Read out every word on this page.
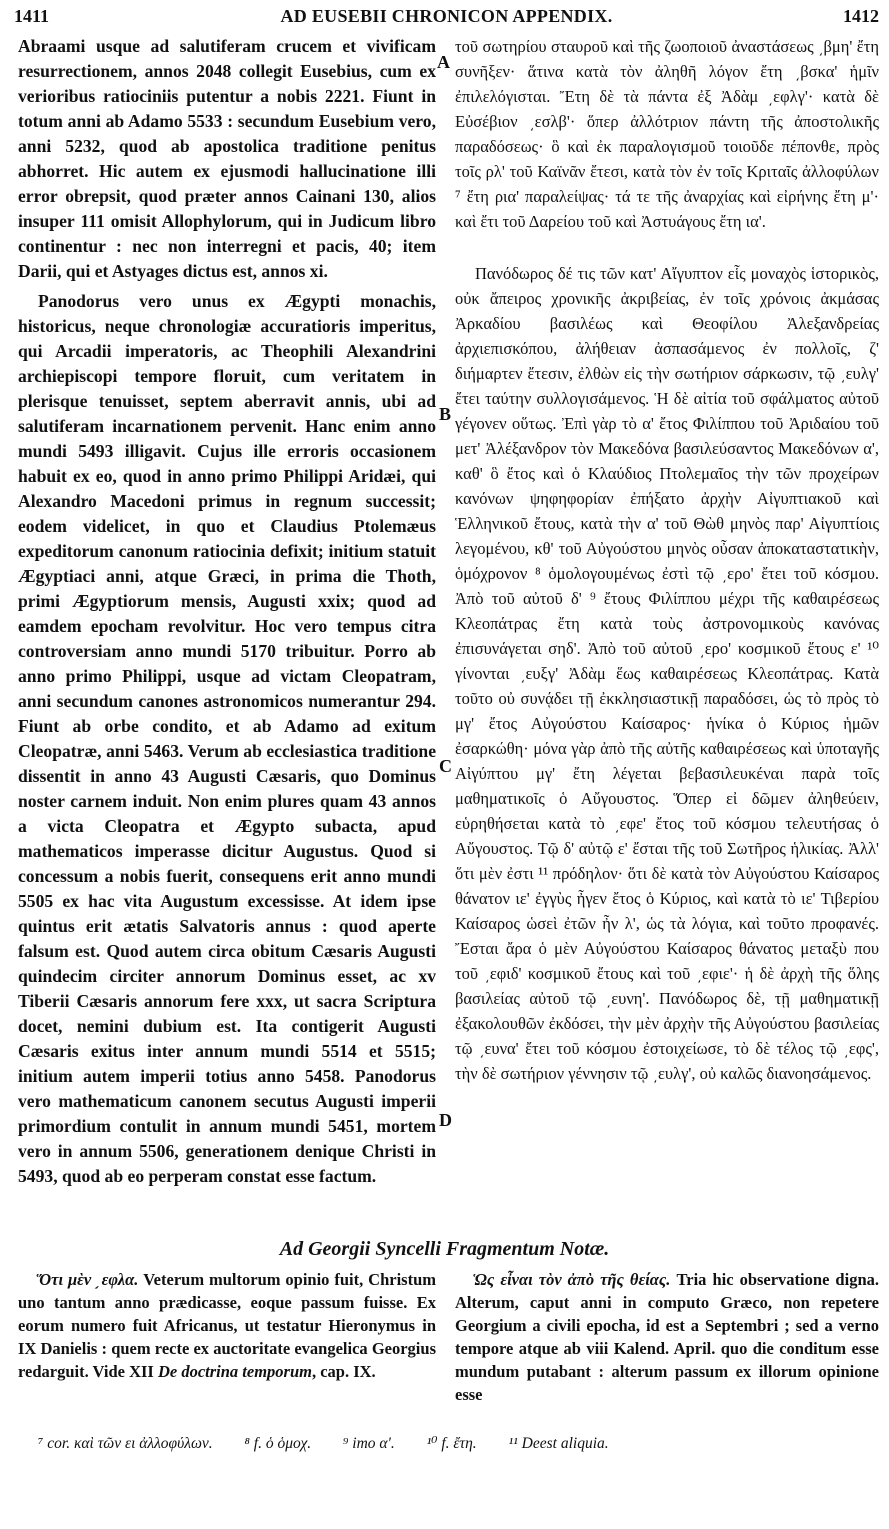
1411	AD EUSEBII CHRONICON APPENDIX.	1412

Abraami usque ad salutiferam crucem et vivificam resurrectionem, annos 2048 collegit Eusebius, cum ex verioribus ratiociniis putentur a nobis 2221. Fiunt in totum anni ab Adamo 5533 : secundum Eusebium vero, anni 5232, quod ab apostolica traditione penitus abhorret. Hic autem ex ejusmodi hallucinatione illi error obrepsit, quod præter annos Cainani 130, alios insuper 111 omisit Allophylorum, qui in Judicum libro continentur : nec non interregni et pacis, 40; item Darii, qui et Astyages dictus est, annos xi.

Panodorus vero unus ex Ægypti monachis, historicus, neque chronologiæ accuratioris imperitus, qui Arcadii imperatoris, ac Theophili Alexandrini archiepiscopi tempore floruit, cum veritatem in plerisque tenuisset, septem aberravit annis, ubi ad salutiferam incarnationem pervenit. Hanc enim anno mundi 5493 illigavit. Cujus ille erroris occasionem habuit ex eo, quod in anno primo Philippi Aridæi, qui Alexandro Macedoni primus in regnum successit; eodem videlicet, in quo et Claudius Ptolemæus expeditorum canonum ratiocinia defixit; initium statuit Ægyptiaci anni, atque Græci, in prima die Thoth, primi Ægyptiorum mensis, Augusti xxix; quod ad eamdem epocham revolvitur. Hoc vero tempus citra controversiam anno mundi 5170 tribuitur. Porro ab anno primo Philippi, usque ad victam Cleopatram, anni secundum canones astronomicos numerantur 294. Fiunt ab orbe condito, et ab Adamo ad exitum Cleopatræ, anni 5463. Verum ab ecclesiastica traditione dissentit in anno 43 Augusti Cæsaris, quo Dominus noster carnem induit. Non enim plures quam 43 annos a victa Cleopatra et Ægypto subacta, apud mathematicos imperasse dicitur Augustus. Quod si concessum a nobis fuerit, consequens erit anno mundi 5505 ex hac vita Augustum excessisse. At idem ipse quintus erit ætatis Salvatoris annus : quod aperte falsum est. Quod autem circa obitum Cæsaris Augusti quindecim circiter annorum Dominus esset, ac xv Tiberii Cæsaris annorum fere xxx, ut sacra Scriptura docet, nemini dubium est. Ita contigerit Augusti Cæsaris exitus inter annum mundi 5514 et 5515; initium autem imperii totius anno 5458. Panodorus vero mathematicum canonem secutus Augusti imperii primordium contulit in annum mundi 5451, mortem vero in annum 5506, generationem denique Christi in 5493, quod ab eo perperam constat esse factum.

A
B
C
D

τοῦ σωτηρίου σταυροῦ καὶ τῆς ζωοποιοῦ ἀναστάσεως ͵βμη' ἔτη συνῆξεν· ἅτινα κατὰ τὸν ἀληθῆ λόγον ἔτη ͵βσκα' ἡμῖν ἐπιλελόγισται. Ἔτη δὲ τὰ πάντα ἐξ Ἀδὰμ ͵εφλγ'· κατὰ δὲ Εὐσέβιον ͵εσλβ'· ὅπερ ἀλλότριον πάντη τῆς ἀποστολικῆς παραδόσεως· ὃ καὶ ἐκ παραλογισμοῦ τοιοῦδε πέπονθε, πρὸς τοῖς ρλ' τοῦ Καϊνᾶν ἔτεσι, κατὰ τὸν ἐν τοῖς Κριταῖς ἀλλοφύλων ⁷ ἔτη ρια' παραλείψας· τά τε τῆς ἀναρχίας καὶ εἰρήνης ἔτη μ'· καὶ ἔτι τοῦ Δαρείου τοῦ καὶ Ἀστυάγους ἔτη ια'.

Πανόδωρος δέ τις τῶν κατ' Αἴγυπτον εἷς μοναχὸς ἱστορικὸς, οὐκ ἄπειρος χρονικῆς ἀκριβείας, ἐν τοῖς χρόνοις ἀκμάσας Ἀρκαδίου βασιλέως καὶ Θεοφίλου Ἀλεξανδρείας ἀρχιεπισκόπου, ἀλήθειαν ἀσπασάμενος ἐν πολλοῖς, ζ' διήμαρτεν ἔτεσιν, ἐλθὼν εἰς τὴν σωτήριον σάρκωσιν, τῷ ͵ευλγ' ἔτει ταύτην συλλογισάμενος. Ἡ δὲ αἰτία τοῦ σφάλματος αὐτοῦ γέγονεν οὕτως. Ἐπὶ γὰρ τὸ α' ἔτος Φιλίππου τοῦ Ἀριδαίου τοῦ μετ' Ἀλέξανδρον τὸν Μακεδόνα βασιλεύσαντος Μακεδόνων α', καθ' ὃ ἔτος καὶ ὁ Κλαύδιος Πτολεμαῖος τὴν τῶν προχείρων κανόνων ψηφηφορίαν ἐπήξατο ἀρχὴν Αἰγυπτιακοῦ καὶ Ἑλληνικοῦ ἔτους, κατὰ τὴν α' τοῦ Θὼθ μηνὸς παρ' Αἰγυπτίοις λεγομένου, κθ' τοῦ Αὐγούστου μηνὸς οὖσαν ἀποκαταστατικὴν, ὁμόχρονον ⁸ ὁμολογουμένως ἐστὶ τῷ ͵ερο' ἔτει τοῦ κόσμου. Ἀπὸ τοῦ αὐτοῦ δ' ⁹ ἔτους Φιλίππου μέχρι τῆς καθαιρέσεως Κλεοπάτρας ἔτη κατὰ τοὺς ἀστρονομικοὺς κανόνας ἐπισυνάγεται σηδ'. Ἀπὸ τοῦ αὐτοῦ ͵ερο' κοσμικοῦ ἔτους ε' ¹⁰ γίνονται ͵ευξγ' Ἀδὰμ ἕως καθαιρέσεως Κλεοπάτρας. Κατὰ τοῦτο οὐ συνᾴδει τῇ ἐκκλησιαστικῇ παραδόσει, ὡς τὸ πρὸς τὸ μγ' ἔτος Αὐγούστου Καίσαρος· ἡνίκα ὁ Κύριος ἡμῶν ἐσαρκώθη· μόνα γὰρ ἀπὸ τῆς αὐτῆς καθαιρέσεως καὶ ὑποταγῆς Αἰγύπτου μγ' ἔτη λέγεται βεβασιλευκέναι παρὰ τοῖς μαθηματικοῖς ὁ Αὔγουστος. Ὅπερ εἰ δῶμεν ἀληθεύειν, εὑρηθήσεται κατὰ τὸ ͵εφε' ἔτος τοῦ κόσμου τελευτήσας ὁ Αὔγουστος. Τῷ δ' αὐτῷ ε' ἔσται τῆς τοῦ Σωτῆρος ἡλικίας. Ἀλλ' ὅτι μὲν ἐστι ¹¹ πρόδηλον· ὅτι δὲ κατὰ τὸν Αὐγούστου Καίσαρος θάνατον ιε' ἐγγὺς ἦγεν ἔτος ὁ Κύριος, καὶ κατὰ τὸ ιε' Τιβερίου Καίσαρος ὡσεὶ ἐτῶν ἦν λ', ὡς τὰ λόγια, καὶ τοῦτο προφανές. Ἔσται ἄρα ὁ μὲν Αὐγούστου Καίσαρος θάνατος μεταξὺ που τοῦ ͵εφιδ' κοσμικοῦ ἔτους καὶ τοῦ ͵εφιε'· ἡ δὲ ἀρχὴ τῆς ὅλης βασιλείας αὐτοῦ τῷ ͵ευνη'. Πανόδωρος δὲ, τῇ μαθηματικῇ ἐξακολουθῶν ἐκδόσει, τὴν μὲν ἀρχὴν τῆς Αὐγούστου βασιλείας τῷ ͵ευνα' ἔτει τοῦ κόσμου ἐστοιχείωσε, τὸ δὲ τέλος τῷ ͵εφς', τὴν δὲ σωτήριον γέννησιν τῷ ͵ευλγ', οὐ καλῶς διανοησάμενος.

Ad Georgii Syncelli Fragmentum Notæ.

Ὅτι μὲν ͵εφλα. Veterum multorum opinio fuit, Christum uno tantum anno prædicasse, eoque passum fuisse. Ex eorum numero fuit Africanus, ut testatur Hieronymus in IX Danielis : quem recte ex auctoritate evangelica Georgius redarguit. Vide XII De doctrina temporum, cap. IX.

Ὡς εἶναι τὸν ἀπὸ τῆς θείας. Tria hic observatione digna. Alterum, caput anni in computo Græco, non repetere Georgium a civili epocha, id est a Septembri ; sed a verno tempore atque ab viii Kalend. April. quo die conditum esse mundum putabant : alterum passum ex illorum opinione esse

⁷ cor. καὶ τῶν ει ἀλλοφύλων. ⁸ f. ὁ ὁμοχ. ⁹ imo α'. ¹⁰ f. ἔτη. ¹¹ Deest aliquia.
